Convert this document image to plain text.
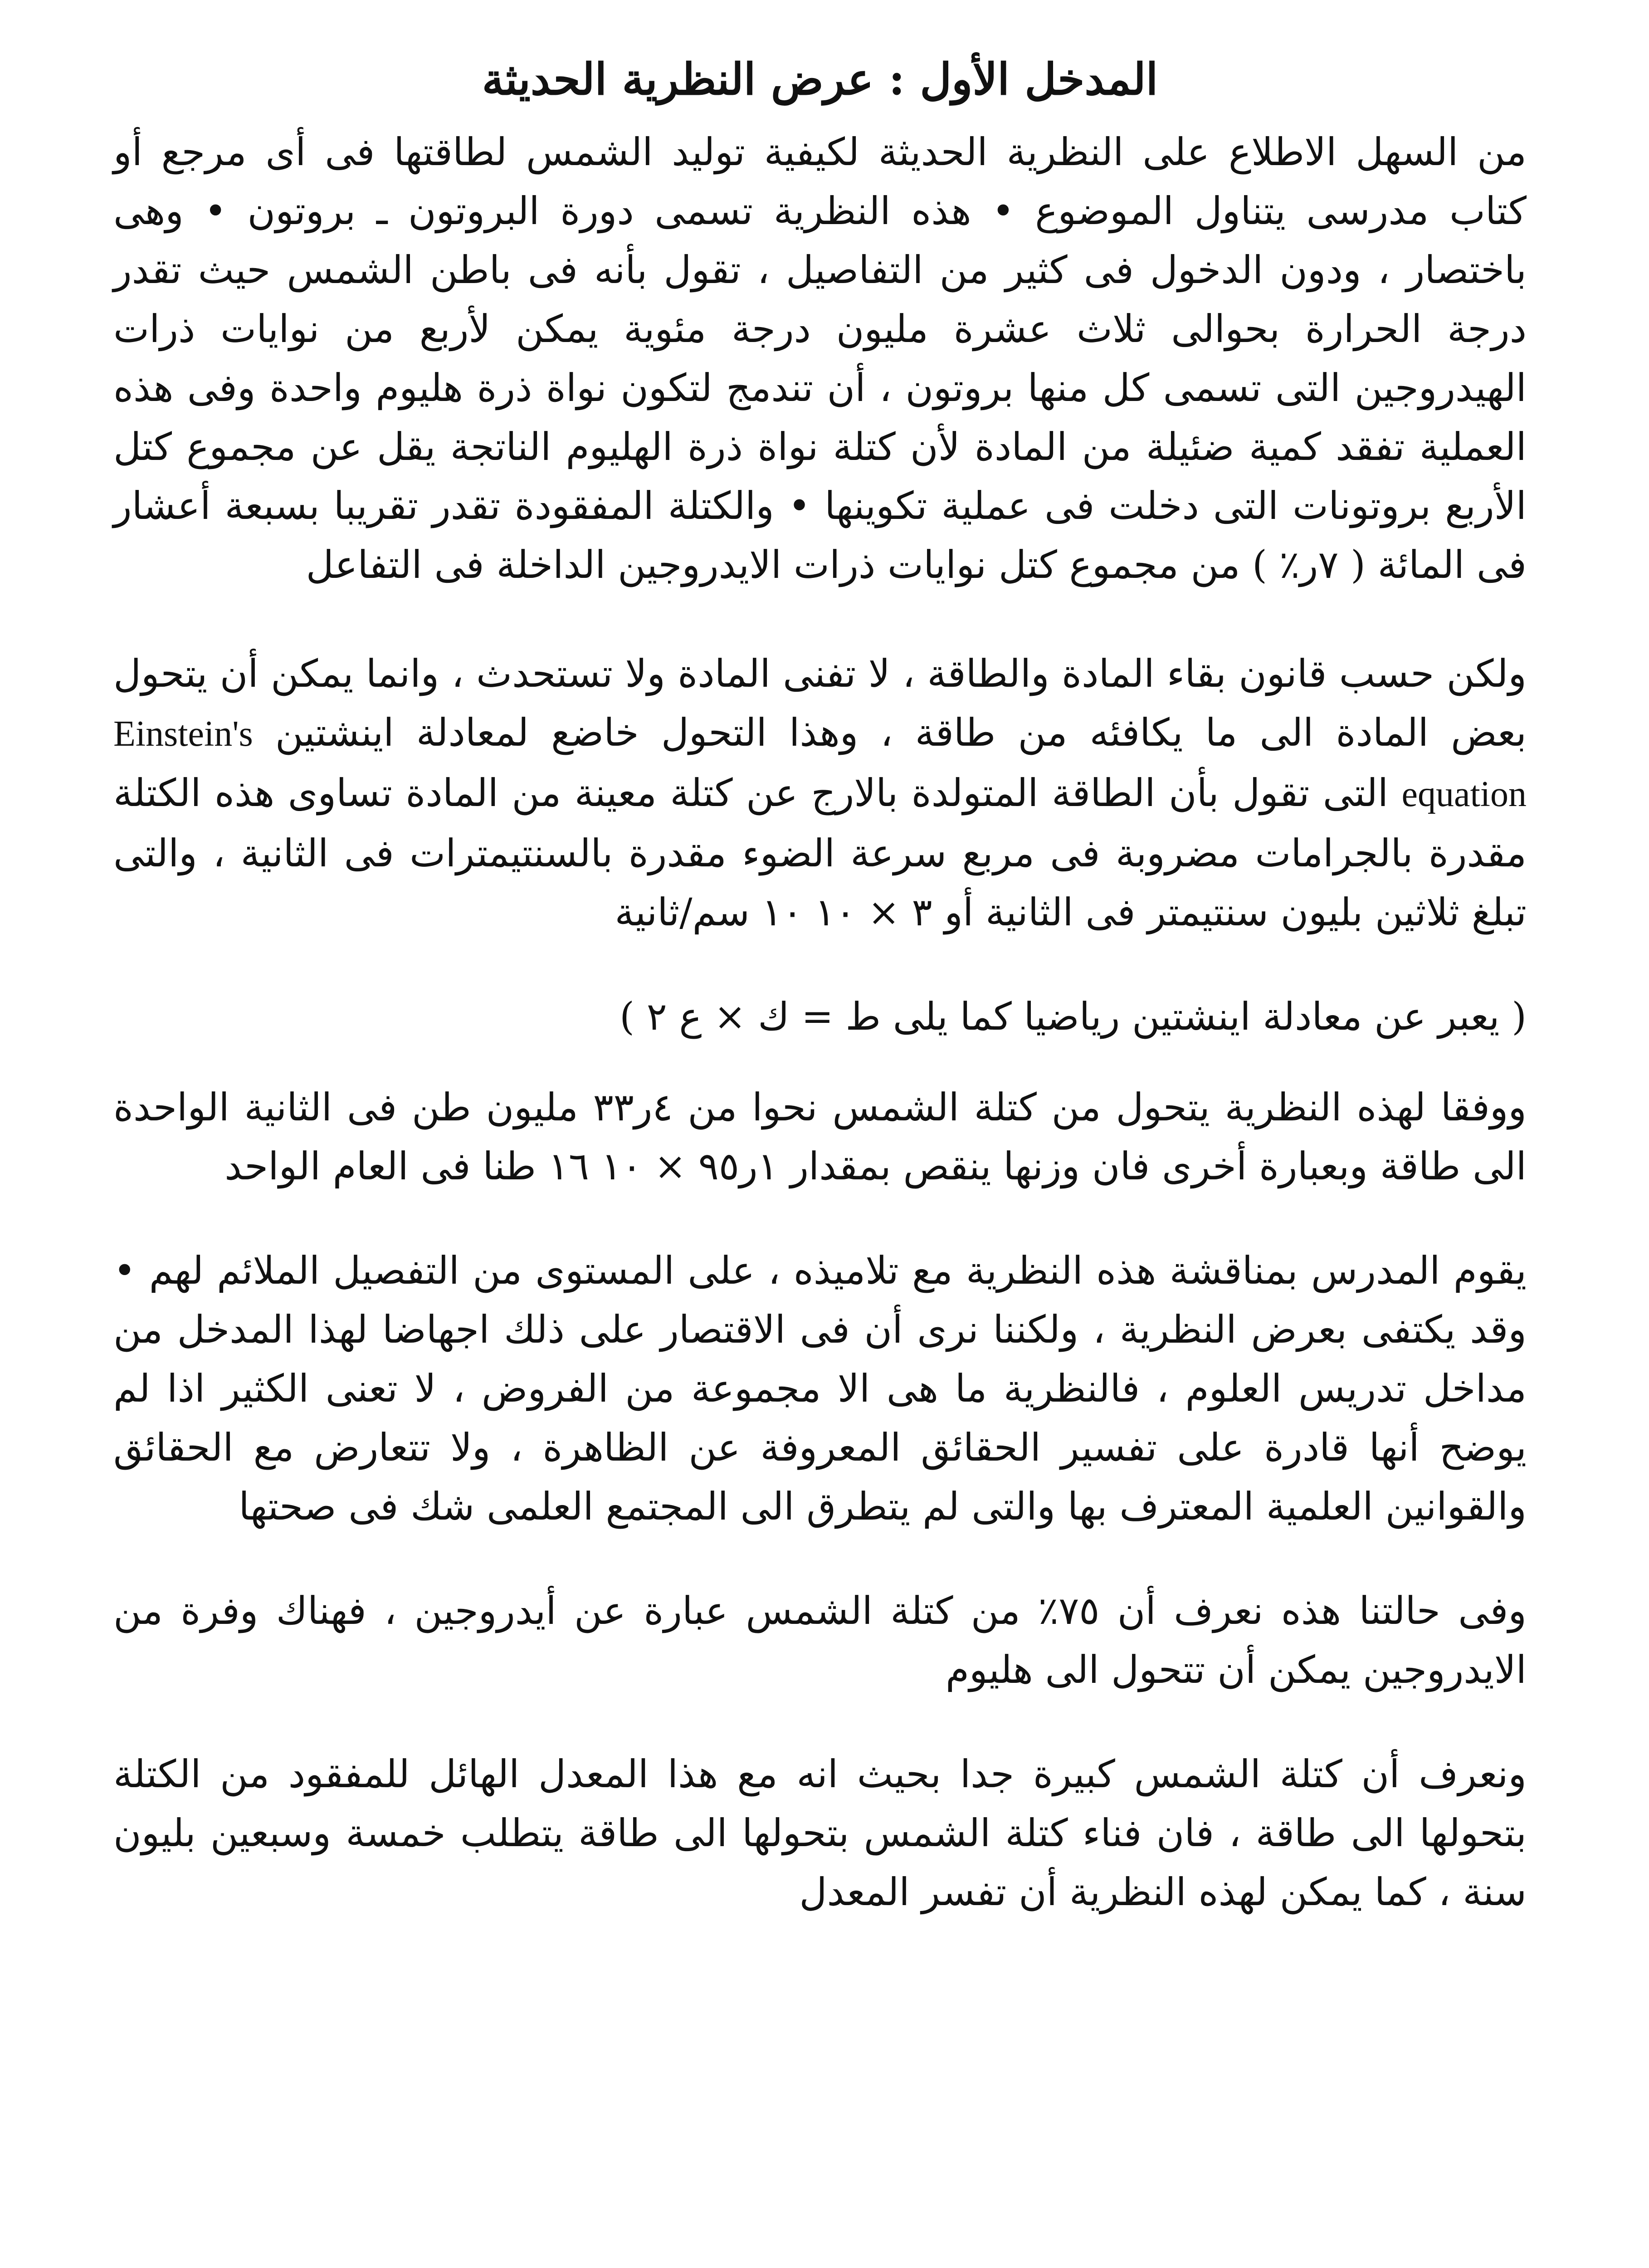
المدخل الأول : عرض النظرية الحديثة

من السهل الاطلاع على النظرية الحديثة لكيفية توليد الشمس لطاقتها فى أى مرجع أو كتاب مدرسى يتناول الموضوع • هذه النظرية تسمى دورة البروتون ـ بروتون • وهى باختصار ، ودون الدخول فى كثير من التفاصيل ، تقول بأنه فى باطن الشمس حيث تقدر درجة الحرارة بحوالى ثلاث عشرة مليون درجة مئوية يمكن لأربع من نوايات ذرات الهيدروجين التى تسمى كل منها بروتون ، أن تندمج لتكون نواة ذرة هليوم واحدة وفى هذه العملية تفقد كمية ضئيلة من المادة لأن كتلة نواة ذرة الهليوم الناتجة يقل عن مجموع كتل الأربع بروتونات التى دخلت فى عملية تكوينها • والكتلة المفقودة تقدر تقريبا بسبعة أعشار فى المائة ( ٧ر٪ ) من مجموع كتل نوايات ذرات الايدروجين الداخلة فى التفاعل

ولكن حسب قانون بقاء المادة والطاقة ، لا تفنى المادة ولا تستحدث ، وانما يمكن أن يتحول بعض المادة الى ما يكافئه من طاقة ، وهذا التحول خاضع لمعادلة اينشتين Einstein's equation التى تقول بأن الطاقة المتولدة بالارج عن كتلة معينة من المادة تساوى هذه الكتلة مقدرة بالجرامات مضروبة فى مربع سرعة الضوء مقدرة بالسنتيمترات فى الثانية ، والتى تبلغ ثلاثين بليون سنتيمتر فى الثانية أو ٣ × ١٠ ١٠ سم/ثانية

( يعبر عن معادلة اينشتين رياضيا كما يلى ط = ك × ع ٢ )

ووفقا لهذه النظرية يتحول من كتلة الشمس نحوا من ٤ر٣٣ مليون طن فى الثانية الواحدة الى طاقة وبعبارة أخرى فان وزنها ينقص بمقدار ١ر٩٥ × ١٠ ١٦ طنا فى العام الواحد

يقوم المدرس بمناقشة هذه النظرية مع تلاميذه ، على المستوى من التفصيل الملائم لهم • وقد يكتفى بعرض النظرية ، ولكننا نرى أن فى الاقتصار على ذلك اجهاضا لهذا المدخل من مداخل تدريس العلوم ، فالنظرية ما هى الا مجموعة من الفروض ، لا تعنى الكثير اذا لم يوضح أنها قادرة على تفسير الحقائق المعروفة عن الظاهرة ، ولا تتعارض مع الحقائق والقوانين العلمية المعترف بها والتى لم يتطرق الى المجتمع العلمى شك فى صحتها

وفى حالتنا هذه نعرف أن ٧٥٪ من كتلة الشمس عبارة عن أيدروجين ، فهناك وفرة من الايدروجين يمكن أن تتحول الى هليوم

ونعرف أن كتلة الشمس كبيرة جدا بحيث انه مع هذا المعدل الهائل للمفقود من الكتلة بتحولها الى طاقة ، فان فناء كتلة الشمس بتحولها الى طاقة يتطلب خمسة وسبعين بليون سنة ، كما يمكن لهذه النظرية أن تفسر المعدل
